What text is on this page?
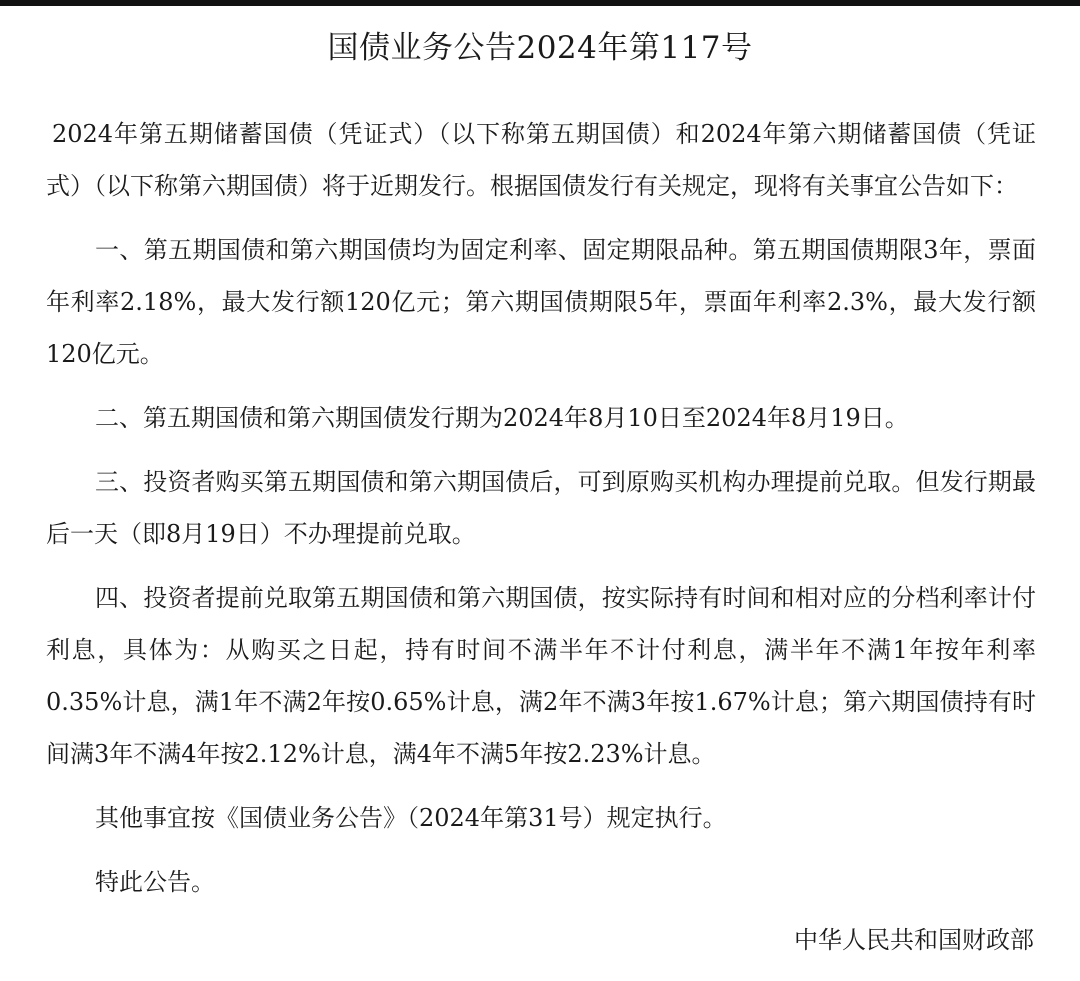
国债业务公告2024年第117号

2024年第五期储蓄国债（凭证式）（以下称第五期国债）和2024年第六期储蓄国债（凭证式）（以下称第六期国债）将于近期发行。根据国债发行有关规定，现将有关事宜公告如下：

一、第五期国债和第六期国债均为固定利率、固定期限品种。第五期国债期限3年，票面年利率2.18%，最大发行额120亿元；第六期国债期限5年，票面年利率2.3%，最大发行额120亿元。

二、第五期国债和第六期国债发行期为2024年8月10日至2024年8月19日。

三、投资者购买第五期国债和第六期国债后，可到原购买机构办理提前兑取。但发行期最后一天（即8月19日）不办理提前兑取。

四、投资者提前兑取第五期国债和第六期国债，按实际持有时间和相对应的分档利率计付利息，具体为：从购买之日起，持有时间不满半年不计付利息，满半年不满1年按年利率0.35%计息，满1年不满2年按0.65%计息，满2年不满3年按1.67%计息；第六期国债持有时间满3年不满4年按2.12%计息，满4年不满5年按2.23%计息。

其他事宜按《国债业务公告》（2024年第31号）规定执行。

特此公告。

中华人民共和国财政部
